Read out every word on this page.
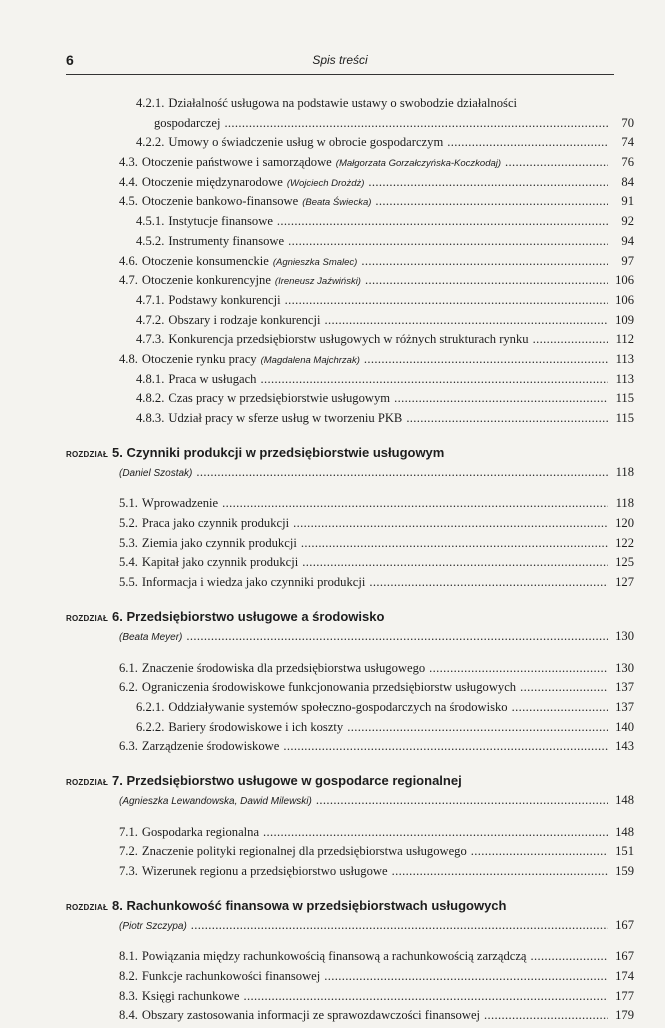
6	Spis treści
4.2.1. Działalność usługowa na podstawie ustawy o swobodzie działalności
gospodarczej . . .	70
4.2.2. Umowy o świadczenie usług w obrocie gospodarczym . . .	74
4.3. Otoczenie państwowe i samorządowe (Małgorzata Gorzałczyńska-Koczkodaj) . . .	76
4.4. Otoczenie międzynarodowe (Wojciech Drożdż) . . .	84
4.5. Otoczenie bankowo-finansowe (Beata Świecka) . . .	91
4.5.1. Instytucje finansowe . . .	92
4.5.2. Instrumenty finansowe . . .	94
4.6. Otoczenie konsumenckie (Agnieszka Smalec) . . .	97
4.7. Otoczenie konkurencyjne (Ireneusz Jaźwiński) . . .	106
4.7.1. Podstawy konkurencji . . .	106
4.7.2. Obszary i rodzaje konkurencji . . .	109
4.7.3. Konkurencja przedsiębiorstw usługowych w różnych strukturach rynku . . .	112
4.8. Otoczenie rynku pracy (Magdalena Majchrzak) . . .	113
4.8.1. Praca w usługach . . .	113
4.8.2. Czas pracy w przedsiębiorstwie usługowym . . .	115
4.8.3. Udział pracy w sferze usług w tworzeniu PKB . . .	115
ROZDZIAŁ 5. Czynniki produkcji w przedsiębiorstwie usługowym
(Daniel Szostak) . . .	118
5.1. Wprowadzenie . . .	118
5.2. Praca jako czynnik produkcji . . .	120
5.3. Ziemia jako czynnik produkcji . . .	122
5.4. Kapitał jako czynnik produkcji . . .	125
5.5. Informacja i wiedza jako czynniki produkcji . . .	127
ROZDZIAŁ 6. Przedsiębiorstwo usługowe a środowisko
(Beata Meyer) . . .	130
6.1. Znaczenie środowiska dla przedsiębiorstwa usługowego . . .	130
6.2. Ograniczenia środowiskowe funkcjonowania przedsiębiorstw usługowych . . .	137
6.2.1. Oddziaływanie systemów społeczno-gospodarczych na środowisko . . .	137
6.2.2. Bariery środowiskowe i ich koszty . . .	140
6.3. Zarządzenie środowiskowe . . .	143
ROZDZIAŁ 7. Przedsiębiorstwo usługowe w gospodarce regionalnej
(Agnieszka Lewandowska, Dawid Milewski) . . .	148
7.1. Gospodarka regionalna . . .	148
7.2. Znaczenie polityki regionalnej dla przedsiębiorstwa usługowego . . .	151
7.3. Wizerunek regionu a przedsiębiorstwo usługowe . . .	159
ROZDZIAŁ 8. Rachunkowość finansowa w przedsiębiorstwach usługowych
(Piotr Szczypa) . . .	167
8.1. Powiązania między rachunkowością finansową a rachunkowością zarządczą . . .	167
8.2. Funkcje rachunkowości finansowej . . .	174
8.3. Księgi rachunkowe . . .	177
8.4. Obszary zastosowania informacji ze sprawozdawczości finansowej . . .	179
